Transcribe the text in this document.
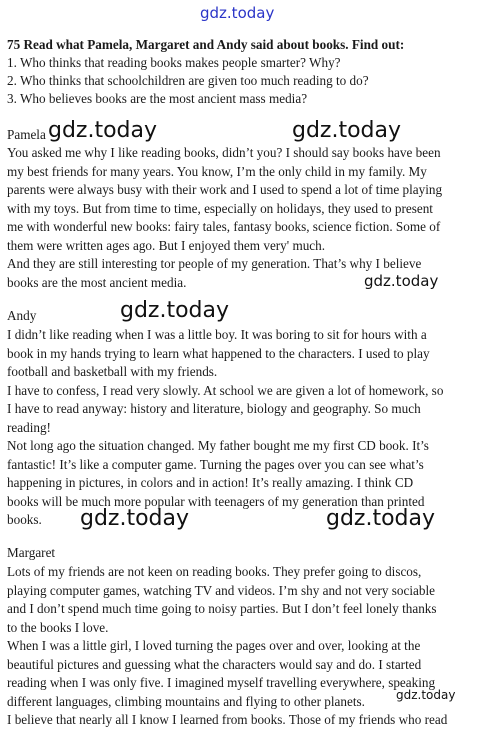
gdz.today
75 Read what Pamela, Margaret and Andy said about books. Find out:
1. Who thinks that reading books makes people smarter? Why?
2. Who thinks that schoolchildren are given too much reading to do?
3. Who believes books are the most ancient mass media?
Pamela
You asked me why I like reading books, didn’t you? I should say books have been
my best friends for many years. You know, I’m the only child in my family. My
parents were always busy with their work and I used to spend a lot of time playing
with my toys. But from time to time, especially on holidays, they used to present
me with wonderful new books: fairy tales, fantasy books, science fiction. Some of
them were written ages ago. But I enjoyed them very' much.
And they are still interesting tor people of my generation. That’s why I believe
books are the most ancient media.
Andy
I didn’t like reading when I was a little boy. It was boring to sit for hours with a
book in my hands trying to learn what happened to the characters. I used to play
football and basketball with my friends.
I have to confess, I read very slowly. At school we are given a lot of homework, so
I have to read anyway: history and literature, biology and geography. So much
reading!
Not long ago the situation changed. My father bought me my first CD book. It’s
fantastic! It’s like a computer game. Turning the pages over you can see what’s
happening in pictures, in colors and in action! It’s really amazing. I think CD
books will be much more popular with teenagers of my generation than printed
books.
Margaret
Lots of my friends are not keen on reading books. They prefer going to discos,
playing computer games, watching TV and videos. I’m shy and not very sociable
and I don’t spend much time going to noisy parties. But I don’t feel lonely thanks
to the books I love.
When I was a little girl, I loved turning the pages over and over, looking at the
beautiful pictures and guessing what the characters would say and do. I started
reading when I was only five. I imagined myself travelling everywhere, speaking
different languages, climbing mountains and flying to other planets.
I believe that nearly all I know I learned from books. Those of my friends who read
gdz.today	gdz.today
gdz.today
gdz.today
gdz.today	gdz.today
gdz.today
